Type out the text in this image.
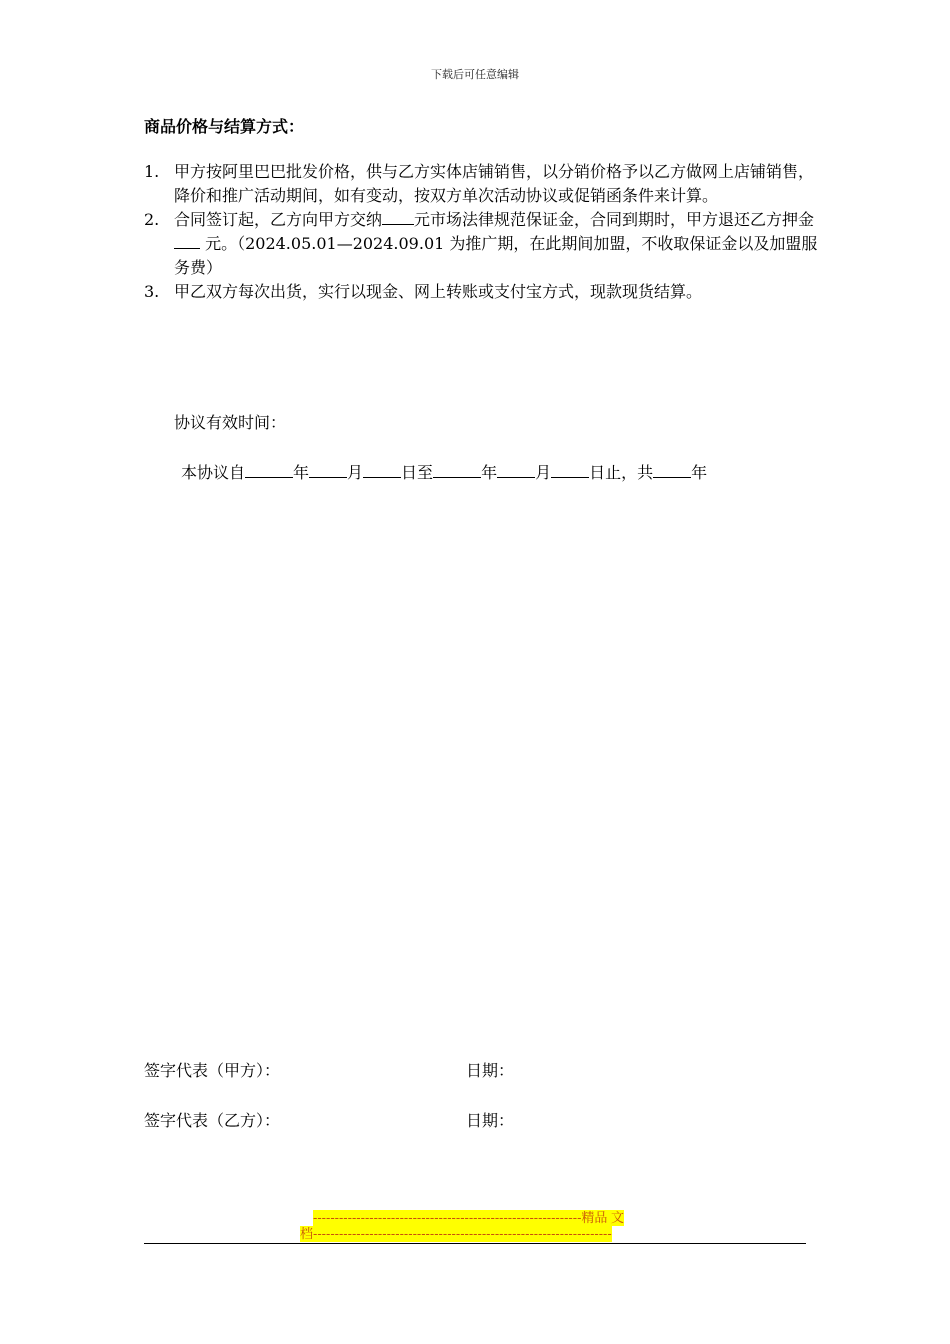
下载后可任意编辑
商品价格与结算方式：

1. 甲方按阿里巴巴批发价格，供与乙方实体店铺销售，以分销价格予以乙方做网上店铺销售，降价和推广活动期间，如有变动，按双方单次活动协议或促销函条件来计算。

2. 合同签订起，乙方向甲方交纳 元市场法律规范保证金，合同到期时，甲方退还乙方押金 元。（2024.05.01—2024.09.01 为推广期，在此期间加盟，不收取保证金以及加盟服务费）

3. 甲乙双方每次出货，实行以现金、网上转账或支付宝方式，现款现货结算。

协议有效时间：
本协议自	年 月 日至	年 月 日止，共 年
签字代表（甲方）：	日期：
签字代表（乙方）：	日期：
--------------------------------------------------------------精品 文
档---------------------------------------------------------------------
